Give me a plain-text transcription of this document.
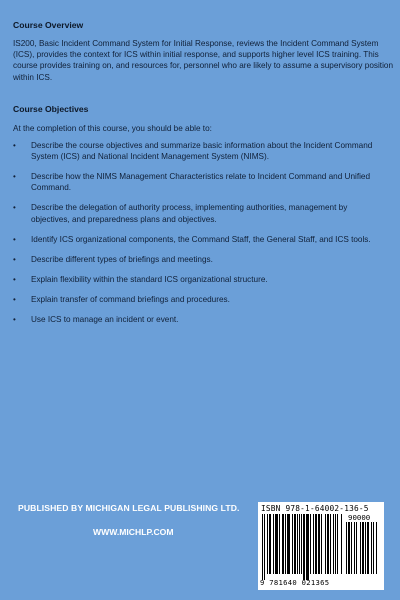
Course Overview
IS200, Basic Incident Command System for Initial Response, reviews the Incident Command System (ICS), provides the context for ICS within initial response, and supports higher level ICS training. This course provides training on, and resources for, personnel who are likely to assume a supervisory position within ICS.
Course Objectives
At the completion of this course, you should be able to:
• Describe the course objectives and summarize basic information about the Incident Command System (ICS) and National Incident Management System (NIMS).
• Describe how the NIMS Management Characteristics relate to Incident Command and Unified Command.
• Describe the delegation of authority process, implementing authorities, management by objectives, and preparedness plans and objectives.
• Identify ICS organizational components, the Command Staff, the General Staff, and ICS tools.
• Describe different types of briefings and meetings.
• Explain flexibility within the standard ICS organizational structure.
• Explain transfer of command briefings and procedures.
• Use ICS to manage an incident or event.
PUBLISHED BY MICHIGAN LEGAL PUBLISHING LTD.
WWW.MICHLP.COM
ISBN 978-1-64002-136-5
90000
9 781640 021365
